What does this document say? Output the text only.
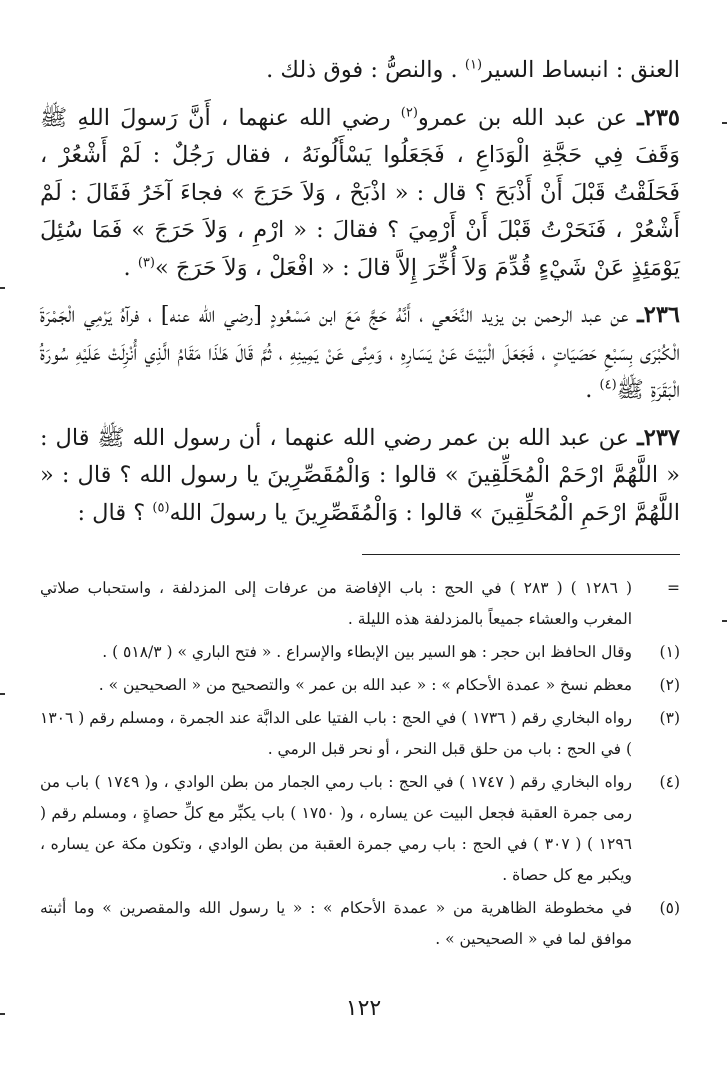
العنق : انبساط السير$^{(١)}$ . والنصُّ : فوق ذلك .

٢٣٥ـ عن عبد الله بن عمرو$^{(٢)}$ رضي الله عنهما ، أَنَّ رَسولَ اللهِ ﷺ وَقَفَ فِي حَجَّةِ الْوَدَاعِ ، فَجَعَلُوا يَسْأَلُونَهُ ، فقال رَجُلٌ : لَمْ أَشْعُرْ ، فَحَلَقْتُ قَبْلَ أَنْ أَذْبَحَ ؟ قال : « اذْبَحْ ، وَلاَ حَرَجَ » فجاءَ آخَرُ فَقَالَ : لَمْ أَشْعُرْ ، فَنَحَرْتُ قَبْلَ أَنْ أَرْمِيَ ؟ فقالَ : « ارْمِ ، وَلاَ حَرَجَ » فَمَا سُئِلَ يَوْمَئِذٍ عَنْ شَيْءٍ قُدِّمَ وَلاَ أُخِّرَ إِلاَّ قالَ : « افْعَلْ ، وَلاَ حَرَجَ »$^{(٣)}$ .

٢٣٦ـ عن عبد الرحمن بن يزيد النَّخَعي ، أَنَّهُ حَجَّ مَعَ ابن مَسْعُودٍ [رضي الله عنه] ، فرآهُ يَرْمِي الْجَمْرَةَ الْكُبْرَى بِسَبْعِ حَصَيَاتٍ ، فَجَعَلَ الْبَيْتَ عَنْ يَسَارِهِ ، وَمِنًى عَنْ يَمِينِهِ ، ثُمَّ قَالَ هَـٰذَا مَقَامُ الَّذِي أُنْزِلَتْ عَلَيْهِ سُورَةُ الْبَقَرَةِ ﷺ$^{(٤)}$ .

٢٣٧ـ عن عبد الله بن عمر رضي الله عنهما ، أن رسول الله ﷺ قال : « اللَّهُمَّ ارْحَمْ الْمُحَلِّقِينَ » قالوا : وَالْمُقَصِّرِينَ يا رسول الله ؟ قال : « اللَّهُمَّ ارْحَمِ الْمُحَلِّقِينَ » قالوا : وَالْمُقَصِّرِينَ يا رسولَ الله$^{(٥)}$ ؟ قال :

=
( ١٢٨٦ ) ( ٢٨٣ ) في الحج : باب الإفاضة من عرفات إلى المزدلفة ، واستحباب صلاتي المغرب والعشاء جميعاً بالمزدلفة هذه الليلة .
(١)
وقال الحافظ ابن حجر : هو السير بين الإبطاء والإسراع . « فتح الباري » ( ٥١٨/٣ ) .
(٢)
معظم نسخ « عمدة الأحكام » : « عبد الله بن عمر » والتصحيح من « الصحيحين » .
(٣)
رواه البخاري رقم ( ١٧٣٦ ) في الحج : باب الفتيا على الدابَّة عند الجمرة ، ومسلم رقم ( ١٣٠٦ ) في الحج : باب من حلق قبل النحر ، أو نحر قبل الرمي .
(٤)
رواه البخاري رقم ( ١٧٤٧ ) في الحج : باب رمي الجمار من بطن الوادي ، و( ١٧٤٩ ) باب من رمى جمرة العقبة فجعل البيت عن يساره ، و( ١٧٥٠ ) باب يكبِّر مع كلِّ حصاةٍ ، ومسلم رقم ( ١٢٩٦ ) ( ٣٠٧ ) في الحج : باب رمي جمرة العقبة من بطن الوادي ، وتكون مكة عن يساره ، ويكبر مع كل حصاة .
(٥)
في مخطوطة الظاهرية من « عمدة الأحكام » : « يا رسول الله والمقصرين » وما أثبته موافق لما في « الصحيحين » .
١٢٢
